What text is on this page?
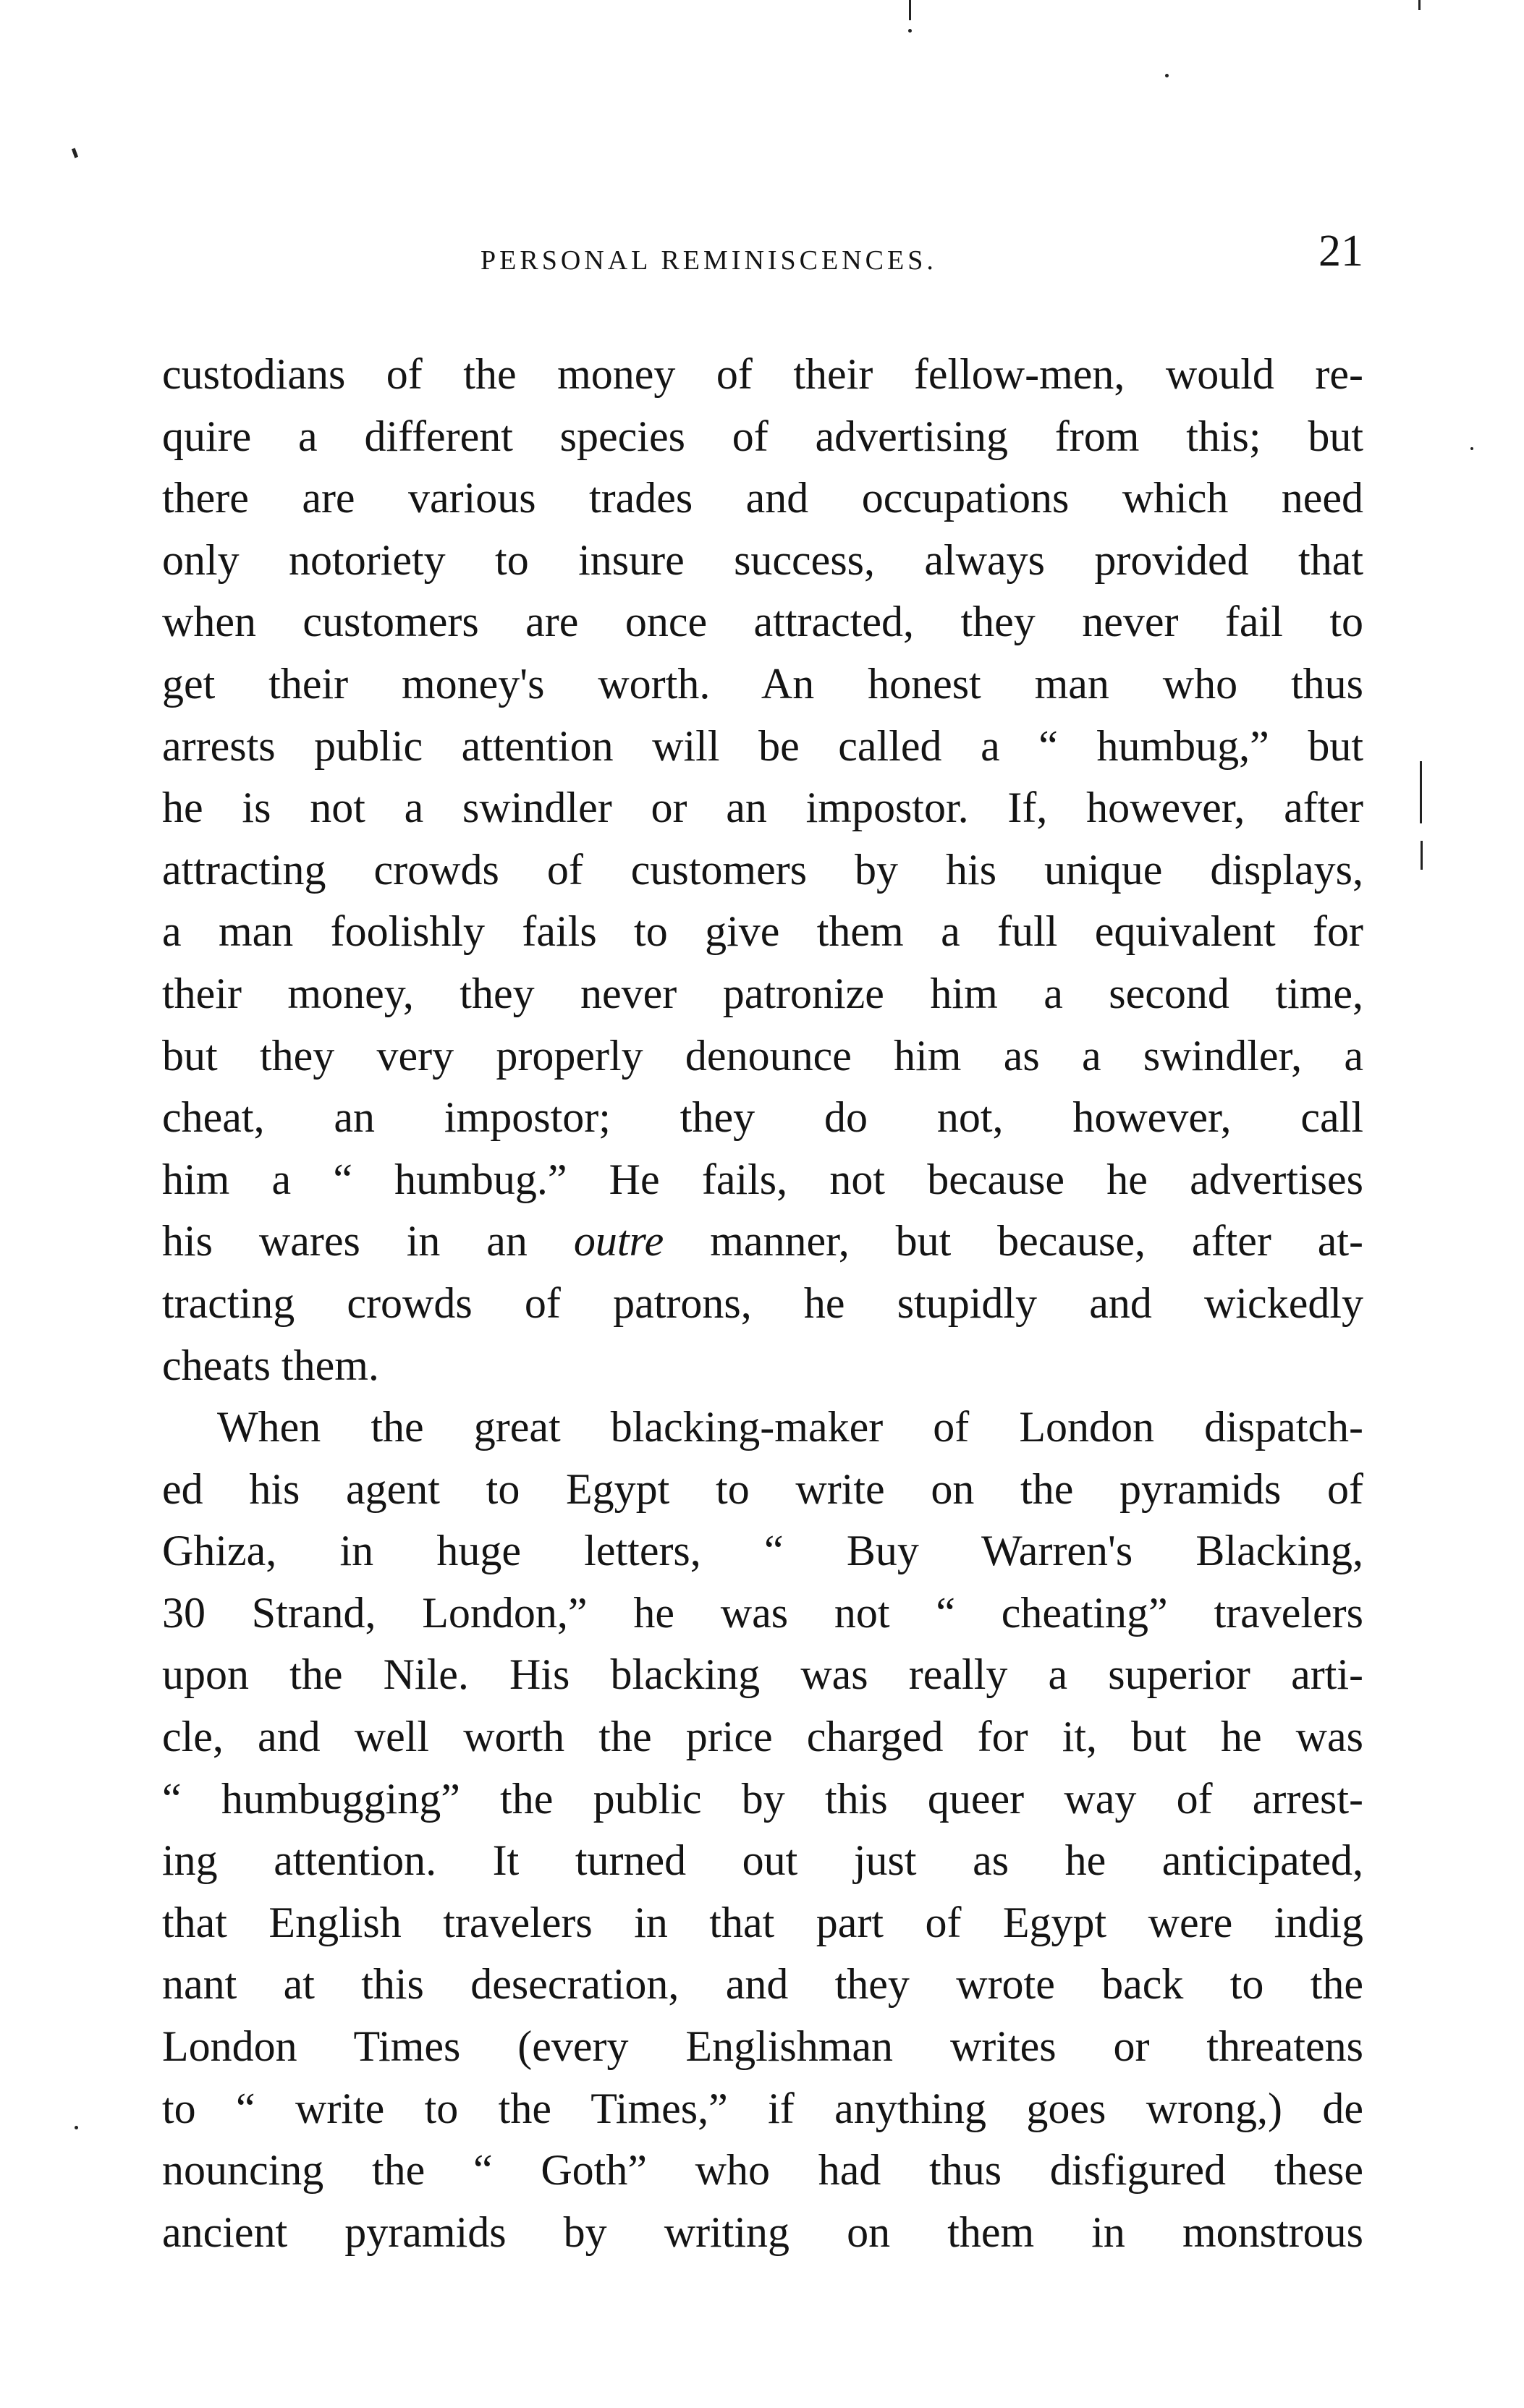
PERSONAL REMINISCENCES.	21
custodians of the money of their fellow-men, would re-
quire a different species of advertising from this; but
there are various trades and occupations which need
only notoriety to insure success, always provided that
when customers are once attracted, they never fail to
get their money's worth. An honest man who thus
arrests public attention will be called a “ humbug,” but
he is not a swindler or an impostor. If, however, after
attracting crowds of customers by his unique displays,
a man foolishly fails to give them a full equivalent for
their money, they never patronize him a second time,
but they very properly denounce him as a swindler, a
cheat, an impostor; they do not, however, call
him a “ humbug.” He fails, not because he advertises
his wares in an outre manner, but because, after at-
tracting crowds of patrons, he stupidly and wickedly
cheats them.
When the great blacking-maker of London dispatch-
ed his agent to Egypt to write on the pyramids of
Ghiza, in huge letters, “ Buy Warren's Blacking,
30 Strand, London,” he was not “ cheating” travelers
upon the Nile. His blacking was really a superior arti-
cle, and well worth the price charged for it, but he was
“ humbugging” the public by this queer way of arrest-
ing attention. It turned out just as he anticipated,
that English travelers in that part of Egypt were indig
nant at this desecration, and they wrote back to the
London Times (every Englishman writes or threatens
to “ write to the Times,” if anything goes wrong,) de
nouncing the “ Goth” who had thus disfigured these
ancient pyramids by writing on them in monstrous
